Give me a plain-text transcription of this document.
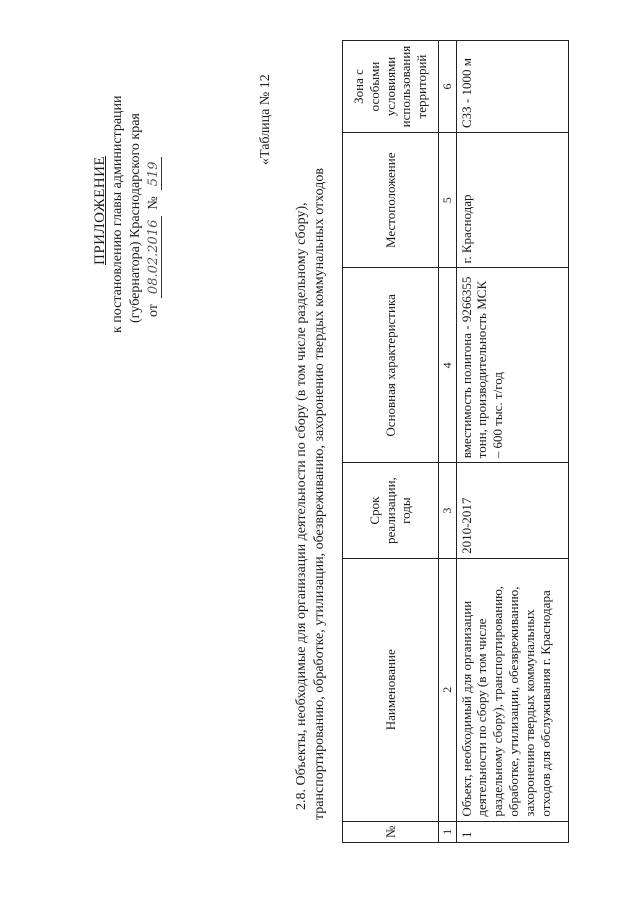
ПРИЛОЖЕНИЕ к постановлению главы администрации (губернатора) Краснодарского края от
08.02.2016
№
519
«Таблица № 12
2.8. Объекты, необходимые для организации деятельности по сбору (в том числе раздельному сбору), транспортированию, обработке, утилизации, обезвреживанию, захоронению твердых коммунальных отходов
№	Наименование	Срок реализации, годы	Основная характеристика	Местоположение	Зона с особыми условиями использования территорий
1	2	3	4	5	6
1	Объект, необходимый для организации деятельности по сбору (в том числе раздельному сбору), транспортированию, обработке, утилизации, обезвреживанию, захоронению твердых коммунальных отходов для обслуживания г. Краснодара	2010-2017	вместимость полигона - 9266355 тонн, производительность МСК – 600 тыс. т/год	г. Краснодар	СЗЗ - 1000 м
